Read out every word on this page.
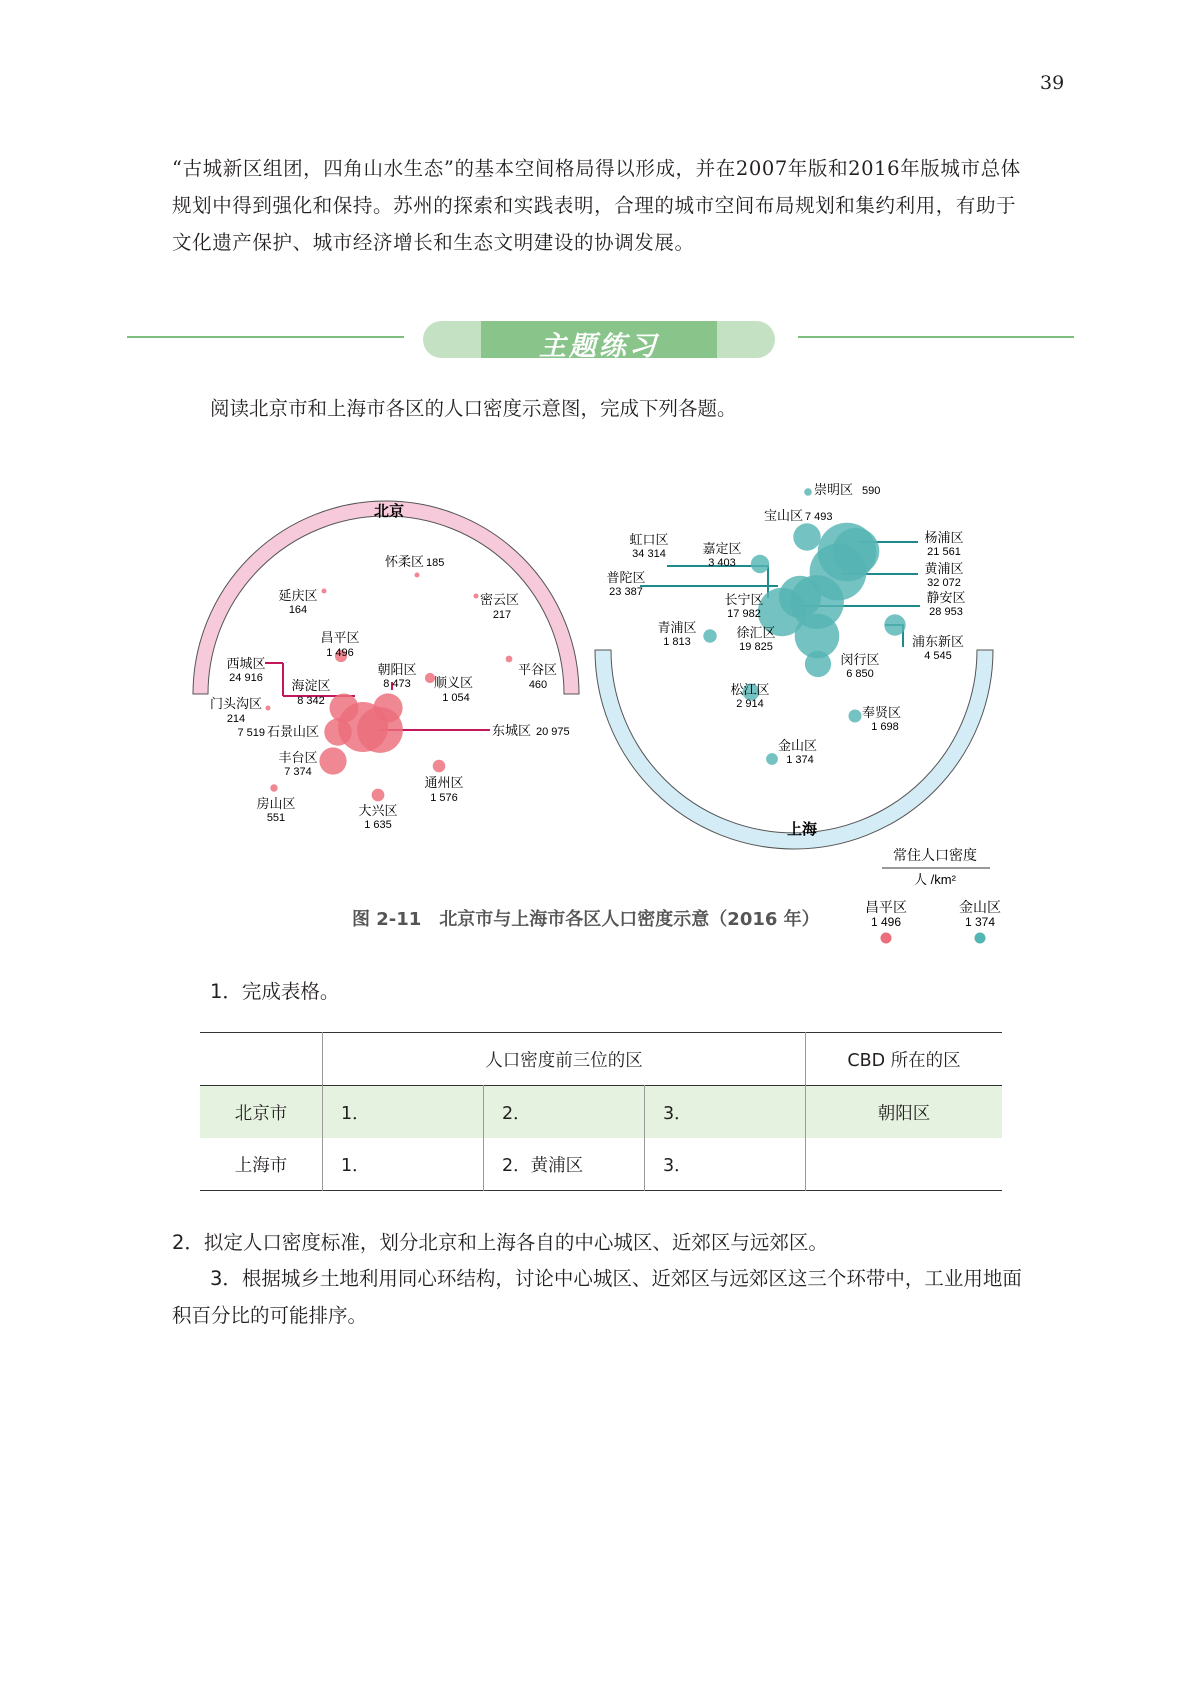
39

“古城新区组团，四角山水生态”的基本空间格局得以形成，并在2007年版和2016年版城市总体规划中得到强化和保持。苏州的探索和实践表明，合理的城市空间布局规划和集约利用，有助于文化遗产保护、城市经济增长和生态文明建设的协调发展。

主题练习

阅读北京市和上海市各区的人口密度示意图，完成下列各题。

北京
上海
怀柔区 185
延庆区
164
密云区
217
昌平区
1 496
平谷区
460
西城区
24 916
朝阳区
8 473 顺义区
1 054
海淀区
8 342
门头沟区
214
7 519 石景山区	东城区 20 975
丰台区
7 374
通州区
1 576
房山区
551	大兴区
1 635
崇明区 590
宝山区 7 493
虹口区
34 314	嘉定区
3 403
杨浦区
21 561
黄浦区
32 072
普陀区
23 387	长宁区
17 982
静安区
28 953
青浦区
1 813
徐汇区
19 825	浦东新区
4 545
闵行区
6 850
松江区
2 914
奉贤区
1 698
金山区
1 374
常住人口密度
人 /km²
昌平区
1 496
金山区
1 374

图 2-11　北京市与上海市各区人口密度示意（2016 年）

1．完成表格。

	人口密度前三位的区			CBD 所在的区
北京市	1．	2．	3．	朝阳区
上海市	1．	2．黄浦区	3．	

2．拟定人口密度标准，划分北京和上海各自的中心城区、近郊区与远郊区。

3．根据城乡土地利用同心环结构，讨论中心城区、近郊区与远郊区这三个环带中，工业用地面积百分比的可能排序。
